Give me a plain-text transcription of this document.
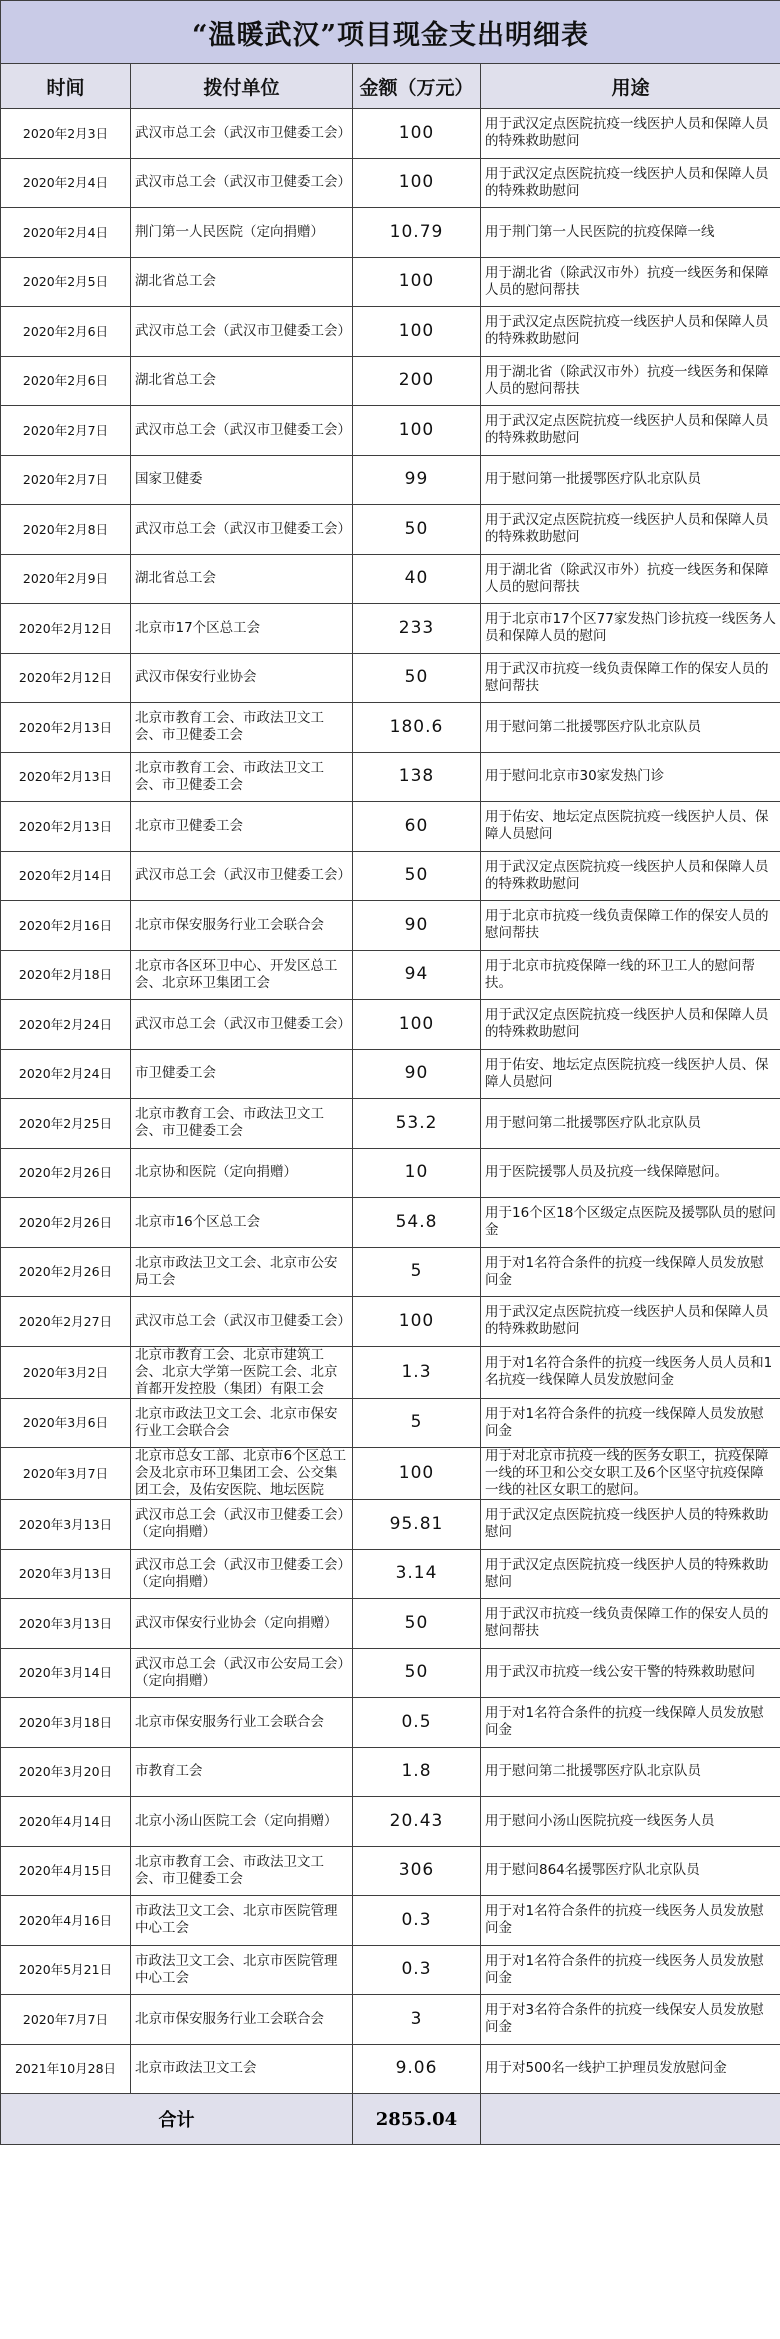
“温暖武汉”项目现金支出明细表			
时间	拨付单位	金额（万元）	用途
2020年2月3日	武汉市总工会（武汉市卫健委工会）	100	用于武汉定点医院抗疫一线医护人员和保障人员的特殊救助慰问
2020年2月4日	武汉市总工会（武汉市卫健委工会）	100	用于武汉定点医院抗疫一线医护人员和保障人员的特殊救助慰问
2020年2月4日	荆门第一人民医院（定向捐赠）	10.79	用于荆门第一人民医院的抗疫保障一线
2020年2月5日	湖北省总工会	100	用于湖北省（除武汉市外）抗疫一线医务和保障人员的慰问帮扶
2020年2月6日	武汉市总工会（武汉市卫健委工会）	100	用于武汉定点医院抗疫一线医护人员和保障人员的特殊救助慰问
2020年2月6日	湖北省总工会	200	用于湖北省（除武汉市外）抗疫一线医务和保障人员的慰问帮扶
2020年2月7日	武汉市总工会（武汉市卫健委工会）	100	用于武汉定点医院抗疫一线医护人员和保障人员的特殊救助慰问
2020年2月7日	国家卫健委	99	用于慰问第一批援鄂医疗队北京队员
2020年2月8日	武汉市总工会（武汉市卫健委工会）	50	用于武汉定点医院抗疫一线医护人员和保障人员的特殊救助慰问
2020年2月9日	湖北省总工会	40	用于湖北省（除武汉市外）抗疫一线医务和保障人员的慰问帮扶
2020年2月12日	北京市17个区总工会	233	用于北京市17个区77家发热门诊抗疫一线医务人员和保障人员的慰问
2020年2月12日	武汉市保安行业协会	50	用于武汉市抗疫一线负责保障工作的保安人员的慰问帮扶
2020年2月13日	北京市教育工会、市政法卫文工会、市卫健委工会	180.6	用于慰问第二批援鄂医疗队北京队员
2020年2月13日	北京市教育工会、市政法卫文工会、市卫健委工会	138	用于慰问北京市30家发热门诊
2020年2月13日	北京市卫健委工会	60	用于佑安、地坛定点医院抗疫一线医护人员、保障人员慰问
2020年2月14日	武汉市总工会（武汉市卫健委工会）	50	用于武汉定点医院抗疫一线医护人员和保障人员的特殊救助慰问
2020年2月16日	北京市保安服务行业工会联合会	90	用于北京市抗疫一线负责保障工作的保安人员的慰问帮扶
2020年2月18日	北京市各区环卫中心、开发区总工会、北京环卫集团工会	94	用于北京市抗疫保障一线的环卫工人的慰问帮扶。
2020年2月24日	武汉市总工会（武汉市卫健委工会）	100	用于武汉定点医院抗疫一线医护人员和保障人员的特殊救助慰问
2020年2月24日	市卫健委工会	90	用于佑安、地坛定点医院抗疫一线医护人员、保障人员慰问
2020年2月25日	北京市教育工会、市政法卫文工会、市卫健委工会	53.2	用于慰问第二批援鄂医疗队北京队员
2020年2月26日	北京协和医院（定向捐赠）	10	用于医院援鄂人员及抗疫一线保障慰问。
2020年2月26日	北京市16个区总工会	54.8	用于16个区18个区级定点医院及援鄂队员的慰问金
2020年2月26日	北京市政法卫文工会、北京市公安局工会	5	用于对1名符合条件的抗疫一线保障人员发放慰问金
2020年2月27日	武汉市总工会（武汉市卫健委工会）	100	用于武汉定点医院抗疫一线医护人员和保障人员的特殊救助慰问
2020年3月2日	北京市教育工会、北京市建筑工会、北京大学第一医院工会、北京首都开发控股（集团）有限工会	1.3	用于对1名符合条件的抗疫一线医务人员人员和1名抗疫一线保障人员发放慰问金
2020年3月6日	北京市政法卫文工会、北京市保安行业工会联合会	5	用于对1名符合条件的抗疫一线保障人员发放慰问金
2020年3月7日	北京市总女工部、北京市6个区总工会及北京市环卫集团工会、公交集团工会，及佑安医院、地坛医院	100	用于对北京市抗疫一线的医务女职工，抗疫保障一线的环卫和公交女职工及6个区坚守抗疫保障一线的社区女职工的慰问。
2020年3月13日	武汉市总工会（武汉市卫健委工会）（定向捐赠）	95.81	用于武汉定点医院抗疫一线医护人员的特殊救助慰问
2020年3月13日	武汉市总工会（武汉市卫健委工会）（定向捐赠）	3.14	用于武汉定点医院抗疫一线医护人员的特殊救助慰问
2020年3月13日	武汉市保安行业协会（定向捐赠）	50	用于武汉市抗疫一线负责保障工作的保安人员的慰问帮扶
2020年3月14日	武汉市总工会（武汉市公安局工会）（定向捐赠）	50	用于武汉市抗疫一线公安干警的特殊救助慰问
2020年3月18日	北京市保安服务行业工会联合会	0.5	用于对1名符合条件的抗疫一线保障人员发放慰问金
2020年3月20日	市教育工会	1.8	用于慰问第二批援鄂医疗队北京队员
2020年4月14日	北京小汤山医院工会（定向捐赠）	20.43	用于慰问小汤山医院抗疫一线医务人员
2020年4月15日	北京市教育工会、市政法卫文工会、市卫健委工会	306	用于慰问864名援鄂医疗队北京队员
2020年4月16日	市政法卫文工会、北京市医院管理中心工会	0.3	用于对1名符合条件的抗疫一线医务人员发放慰问金
2020年5月21日	市政法卫文工会、北京市医院管理中心工会	0.3	用于对1名符合条件的抗疫一线医务人员发放慰问金
2020年7月7日	北京市保安服务行业工会联合会	3	用于对3名符合条件的抗疫一线保安人员发放慰问金
2021年10月28日	北京市政法卫文工会	9.06	用于对500名一线护工护理员发放慰问金
合计		2855.04	
